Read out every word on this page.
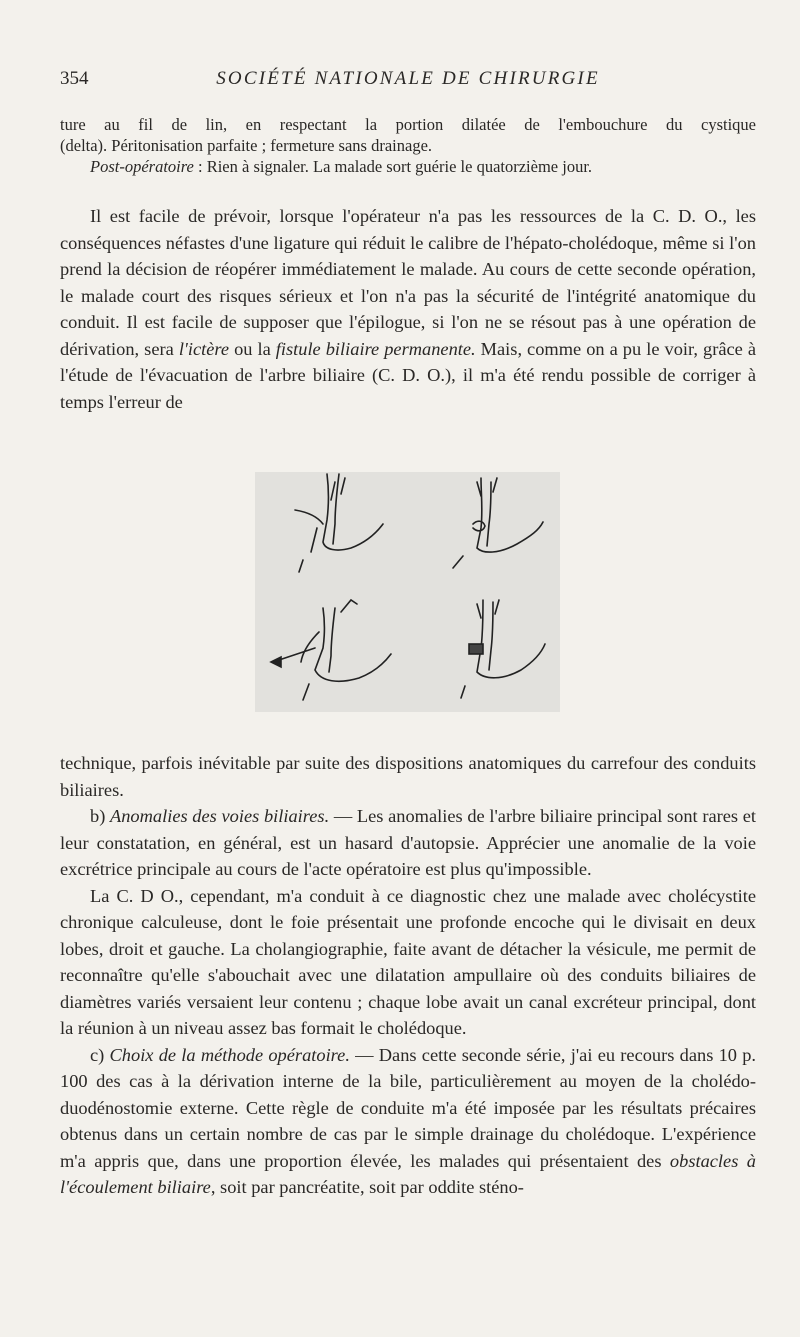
354	SOCIÉTÉ NATIONALE DE CHIRURGIE

ture au fil de lin, en respectant la portion dilatée de l'embouchure du cystique

(delta). Péritonisation parfaite ; fermeture sans drainage.

Post-opératoire : Rien à signaler. La malade sort guérie le quatorzième jour.

Il est facile de prévoir, lorsque l'opérateur n'a pas les ressources de la C. D. O., les conséquences néfastes d'une ligature qui réduit le calibre de l'hépato-cholédoque, même si l'on prend la décision de réopérer immédiatement le malade. Au cours de cette seconde opération, le malade court des risques sérieux et l'on n'a pas la sécurité de l'intégrité anatomique du conduit. Il est facile de supposer que l'épilogue, si l'on ne se résout pas à une opération de dérivation, sera l'ictère ou la fistule biliaire permanente. Mais, comme on a pu le voir, grâce à l'étude de l'évacuation de l'arbre biliaire (C. D. O.), il m'a été rendu possible de corriger à temps l'erreur de

technique, parfois inévitable par suite des dispositions anatomiques du carrefour des conduits biliaires.

b) Anomalies des voies biliaires. — Les anomalies de l'arbre biliaire principal sont rares et leur constatation, en général, est un hasard d'autopsie. Apprécier une anomalie de la voie excrétrice principale au cours de l'acte opératoire est plus qu'impossible.

La C. D O., cependant, m'a conduit à ce diagnostic chez une malade avec cholécystite chronique calculeuse, dont le foie présentait une profonde encoche qui le divisait en deux lobes, droit et gauche. La cholangiographie, faite avant de détacher la vésicule, me permit de reconnaître qu'elle s'abouchait avec une dilatation ampullaire où des conduits biliaires de diamètres variés versaient leur contenu ; chaque lobe avait un canal excréteur principal, dont la réunion à un niveau assez bas formait le cholédoque.

c) Choix de la méthode opératoire. — Dans cette seconde série, j'ai eu recours dans 10 p. 100 des cas à la dérivation interne de la bile, particulièrement au moyen de la cholédo-duodénostomie externe. Cette règle de conduite m'a été imposée par les résultats précaires obtenus dans un certain nombre de cas par le simple drainage du cholédoque. L'expérience m'a appris que, dans une proportion élevée, les malades qui présentaient des obstacles à l'écoulement biliaire, soit par pancréatite, soit par oddite sténo-
